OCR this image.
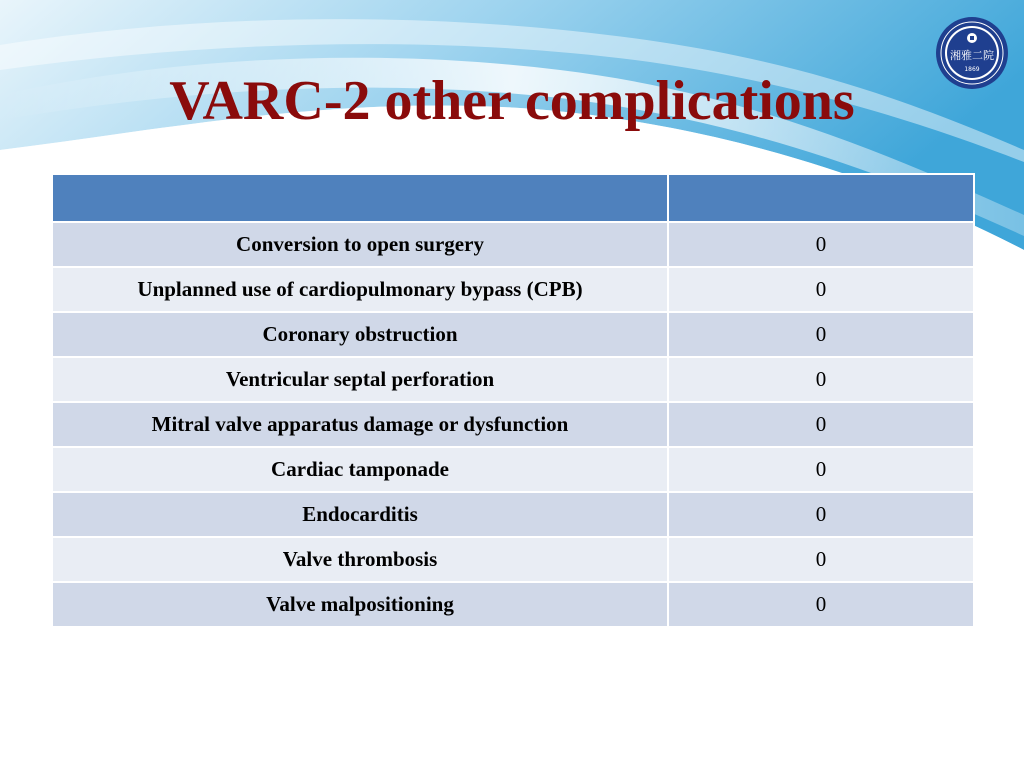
湘雅二院
1869
VARC-2 other complications

Conversion to open surgery	0
Unplanned use of cardiopulmonary bypass (CPB)	0
Coronary obstruction	0
Ventricular septal perforation	0
Mitral valve apparatus damage or dysfunction	0
Cardiac tamponade	0
Endocarditis	0
Valve thrombosis	0
Valve malpositioning	0
